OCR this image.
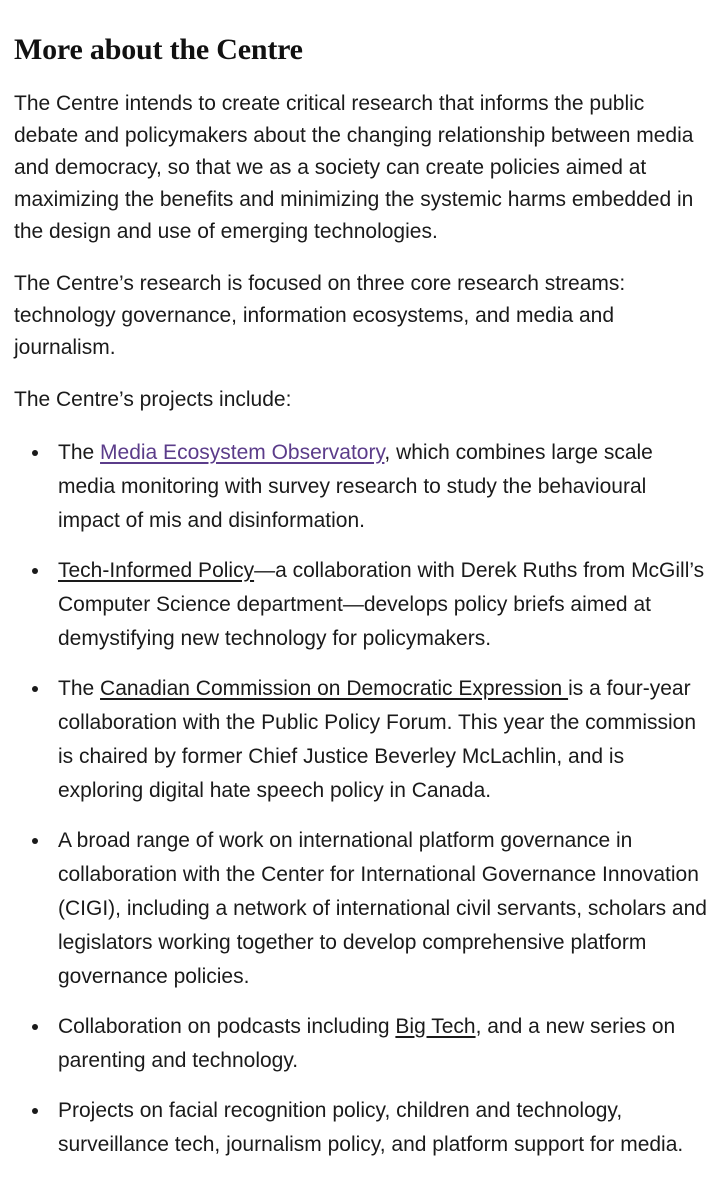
More about the Centre

The Centre intends to create critical research that informs the public debate and policymakers about the changing relationship between media and democracy, so that we as a society can create policies aimed at maximizing the benefits and minimizing the systemic harms embedded in the design and use of emerging technologies.

The Centre’s research is focused on three core research streams: technology governance, information ecosystems, and media and journalism.

The Centre’s projects include:

The Media Ecosystem Observatory, which combines large scale media monitoring with survey research to study the behavioural impact of mis and disinformation.
Tech-Informed Policy—a collaboration with Derek Ruths from McGill’s Computer Science department—develops policy briefs aimed at demystifying new technology for policymakers.
The Canadian Commission on Democratic Expression is a four-year collaboration with the Public Policy Forum. This year the commission is chaired by former Chief Justice Beverley McLachlin, and is exploring digital hate speech policy in Canada.
A broad range of work on international platform governance in collaboration with the Center for International Governance Innovation (CIGI), including a network of international civil servants, scholars and legislators working together to develop comprehensive platform governance policies.
Collaboration on podcasts including Big Tech, and a new series on parenting and technology.
Projects on facial recognition policy, children and technology, surveillance tech, journalism policy, and platform support for media.
